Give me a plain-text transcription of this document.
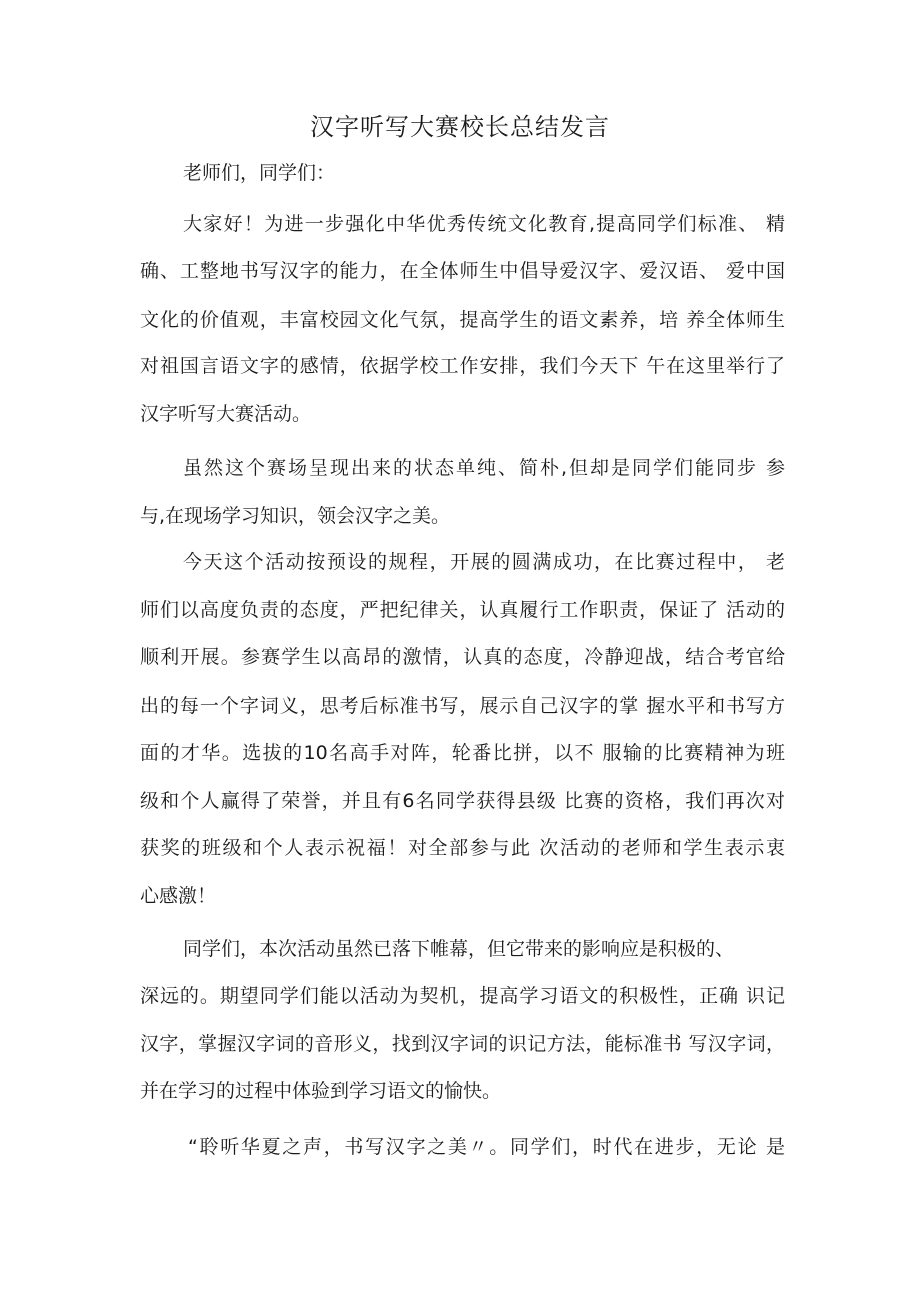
汉字听写大赛校长总结发言
老师们，同学们：
大家好！为进一步强化中华优秀传统文化教育,提高同学们标准、 精
确、工整地书写汉字的能力，在全体师生中倡导爱汉字、爱汉语、 爱中国
文化的价值观，丰富校园文化气氛，提高学生的语文素养，培 养全体师生
对祖国言语文字的感情，依据学校工作安排，我们今天下 午在这里举行了
汉字听写大赛活动。
虽然这个赛场呈现出来的状态单纯、简朴,但却是同学们能同步 参
与,在现场学习知识，领会汉字之美。
今天这个活动按预设的规程，开展的圆满成功，在比赛过程中， 老
师们以高度负责的态度，严把纪律关，认真履行工作职责，保证了 活动的
顺利开展。参赛学生以高昂的激情，认真的态度，冷静迎战，结合考官给
出的每一个字词义，思考后标准书写，展示自己汉字的掌 握水平和书写方
面的才华。选拔的10名高手对阵，轮番比拼，以不 服输的比赛精神为班
级和个人赢得了荣誉，并且有6名同学获得县级 比赛的资格，我们再次对
获奖的班级和个人表示祝福！对全部参与此 次活动的老师和学生表示衷
心感激！
同学们，本次活动虽然已落下帷幕，但它带来的影响应是积极的、
深远的。期望同学们能以活动为契机，提高学习语文的积极性，正确 识记
汉字，掌握汉字词的音形义，找到汉字词的识记方法，能标准书 写汉字词，
并在学习的过程中体验到学习语文的愉快。
“聆听华夏之声，书写汉字之美〃。同学们，时代在进步，无论 是
